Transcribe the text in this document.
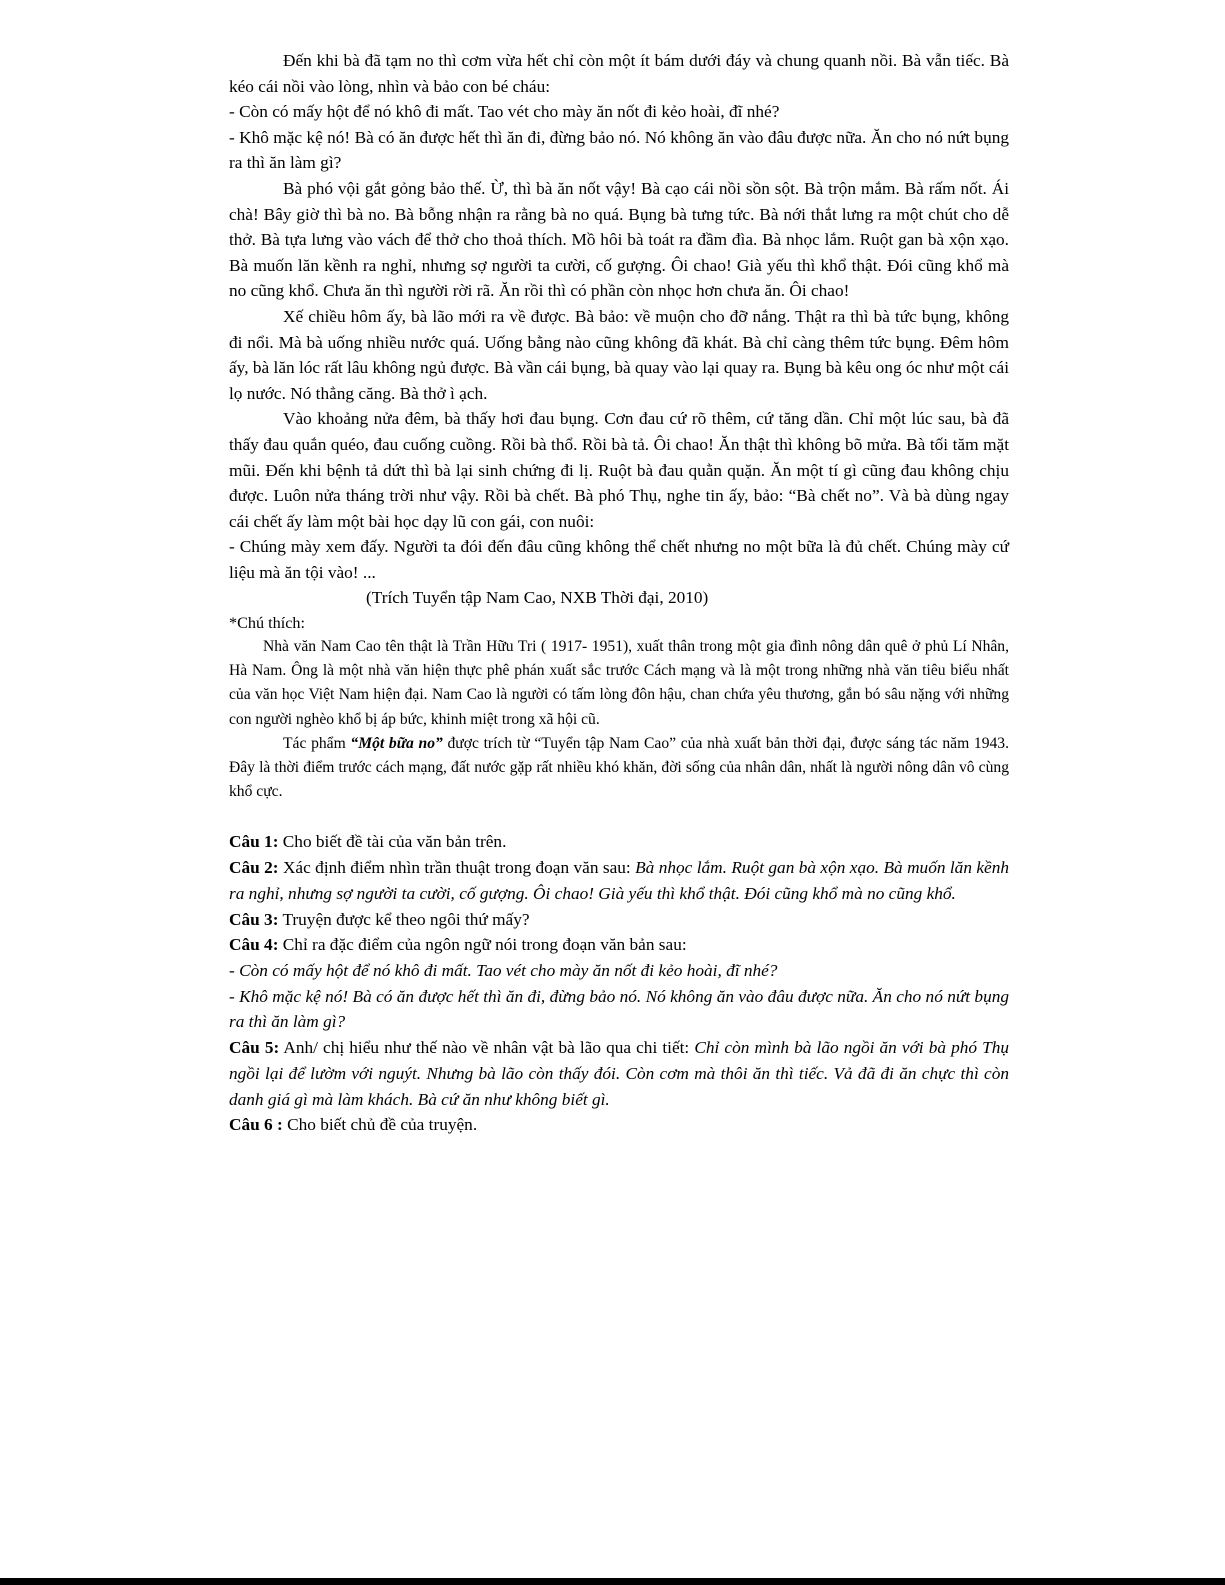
Đến khi bà đã tạm no thì cơm vừa hết chỉ còn một ít bám dưới đáy và chung quanh nồi. Bà vẫn tiếc. Bà kéo cái nồi vào lòng, nhìn và bảo con bé cháu:

- Còn có mấy hột để nó khô đi mất. Tao vét cho mày ăn nốt đi kẻo hoài, đĩ nhé?

- Khô mặc kệ nó! Bà có ăn được hết thì ăn đi, đừng bảo nó. Nó không ăn vào đâu được nữa. Ăn cho nó nứt bụng ra thì ăn làm gì?

Bà phó vội gắt gỏng bảo thế. Ừ, thì bà ăn nốt vậy! Bà cạo cái nồi sồn sột. Bà trộn mắm. Bà rấm nốt. Ái chà! Bây giờ thì bà no. Bà bỗng nhận ra rằng bà no quá. Bụng bà tưng tức. Bà nới thắt lưng ra một chút cho dễ thở. Bà tựa lưng vào vách để thở cho thoả thích. Mồ hôi bà toát ra đầm đìa. Bà nhọc lắm. Ruột gan bà xộn xạo. Bà muốn lăn kềnh ra nghỉ, nhưng sợ người ta cười, cố gượng. Ôi chao! Già yếu thì khổ thật. Đói cũng khổ mà no cũng khổ. Chưa ăn thì người rời rã. Ăn rồi thì có phần còn nhọc hơn chưa ăn. Ôi chao!

Xế chiều hôm ấy, bà lão mới ra về được. Bà bảo: về muộn cho đỡ nắng. Thật ra thì bà tức bụng, không đi nổi. Mà bà uống nhiều nước quá. Uống bằng nào cũng không đã khát. Bà chỉ càng thêm tức bụng. Đêm hôm ấy, bà lăn lóc rất lâu không ngủ được. Bà vần cái bụng, bà quay vào lại quay ra. Bụng bà kêu ong óc như một cái lọ nước. Nó thẳng căng. Bà thở ì ạch.

Vào khoảng nửa đêm, bà thấy hơi đau bụng. Cơn đau cứ rõ thêm, cứ tăng dần. Chỉ một lúc sau, bà đã thấy đau quắn quéo, đau cuống cuồng. Rồi bà thổ. Rồi bà tả. Ôi chao! Ăn thật thì không bõ mửa. Bà tối tăm mặt mũi. Đến khi bệnh tả dứt thì bà lại sinh chứng đi lị. Ruột bà đau quằn quặn. Ăn một tí gì cũng đau không chịu được. Luôn nửa tháng trời như vậy. Rồi bà chết. Bà phó Thụ, nghe tin ấy, bảo: “Bà chết no”. Và bà dùng ngay cái chết ấy làm một bài học dạy lũ con gái, con nuôi:

- Chúng mày xem đấy. Người ta đói đến đâu cũng không thể chết nhưng no một bữa là đủ chết. Chúng mày cứ liệu mà ăn tội vào! ...

(Trích Tuyển tập Nam Cao, NXB Thời đại, 2010)

*Chú thích:

Nhà văn Nam Cao tên thật là Trần Hữu Tri ( 1917- 1951), xuất thân trong một gia đình nông dân quê ở phủ Lí Nhân, Hà Nam. Ông là một nhà văn hiện thực phê phán xuất sắc trước Cách mạng và là một trong những nhà văn tiêu biểu nhất của văn học Việt Nam hiện đại. Nam Cao là người có tấm lòng đôn hậu, chan chứa yêu thương, gắn bó sâu nặng với những con người nghèo khổ bị áp bức, khinh miệt trong xã hội cũ.

Tác phẩm “Một bữa no” được trích từ “Tuyển tập Nam Cao” của nhà xuất bản thời đại, được sáng tác năm 1943. Đây là thời điểm trước cách mạng, đất nước gặp rất nhiều khó khăn, đời sống của nhân dân, nhất là người nông dân vô cùng khổ cực.

Câu 1: Cho biết đề tài của văn bản trên.

Câu 2: Xác định điểm nhìn trần thuật trong đoạn văn sau: Bà nhọc lắm. Ruột gan bà xộn xạo. Bà muốn lăn kềnh ra nghỉ, nhưng sợ người ta cười, cố gượng. Ôi chao! Già yếu thì khổ thật. Đói cũng khổ mà no cũng khổ.

Câu 3: Truyện được kể theo ngôi thứ mấy?

Câu 4: Chỉ ra đặc điểm của ngôn ngữ nói trong đoạn văn bản sau:

- Còn có mấy hột để nó khô đi mất. Tao vét cho mày ăn nốt đi kẻo hoài, đĩ nhé?

- Khô mặc kệ nó! Bà có ăn được hết thì ăn đi, đừng bảo nó. Nó không ăn vào đâu được nữa. Ăn cho nó nứt bụng ra thì ăn làm gì?

Câu 5: Anh/ chị hiểu như thế nào về nhân vật bà lão qua chi tiết: Chỉ còn mình bà lão ngồi ăn với bà phó Thụ ngồi lại để lườm với nguýt. Nhưng bà lão còn thấy đói. Còn cơm mà thôi ăn thì tiếc. Vả đã đi ăn chực thì còn danh giá gì mà làm khách. Bà cứ ăn như không biết gì.

Câu 6 : Cho biết chủ đề của truyện.
